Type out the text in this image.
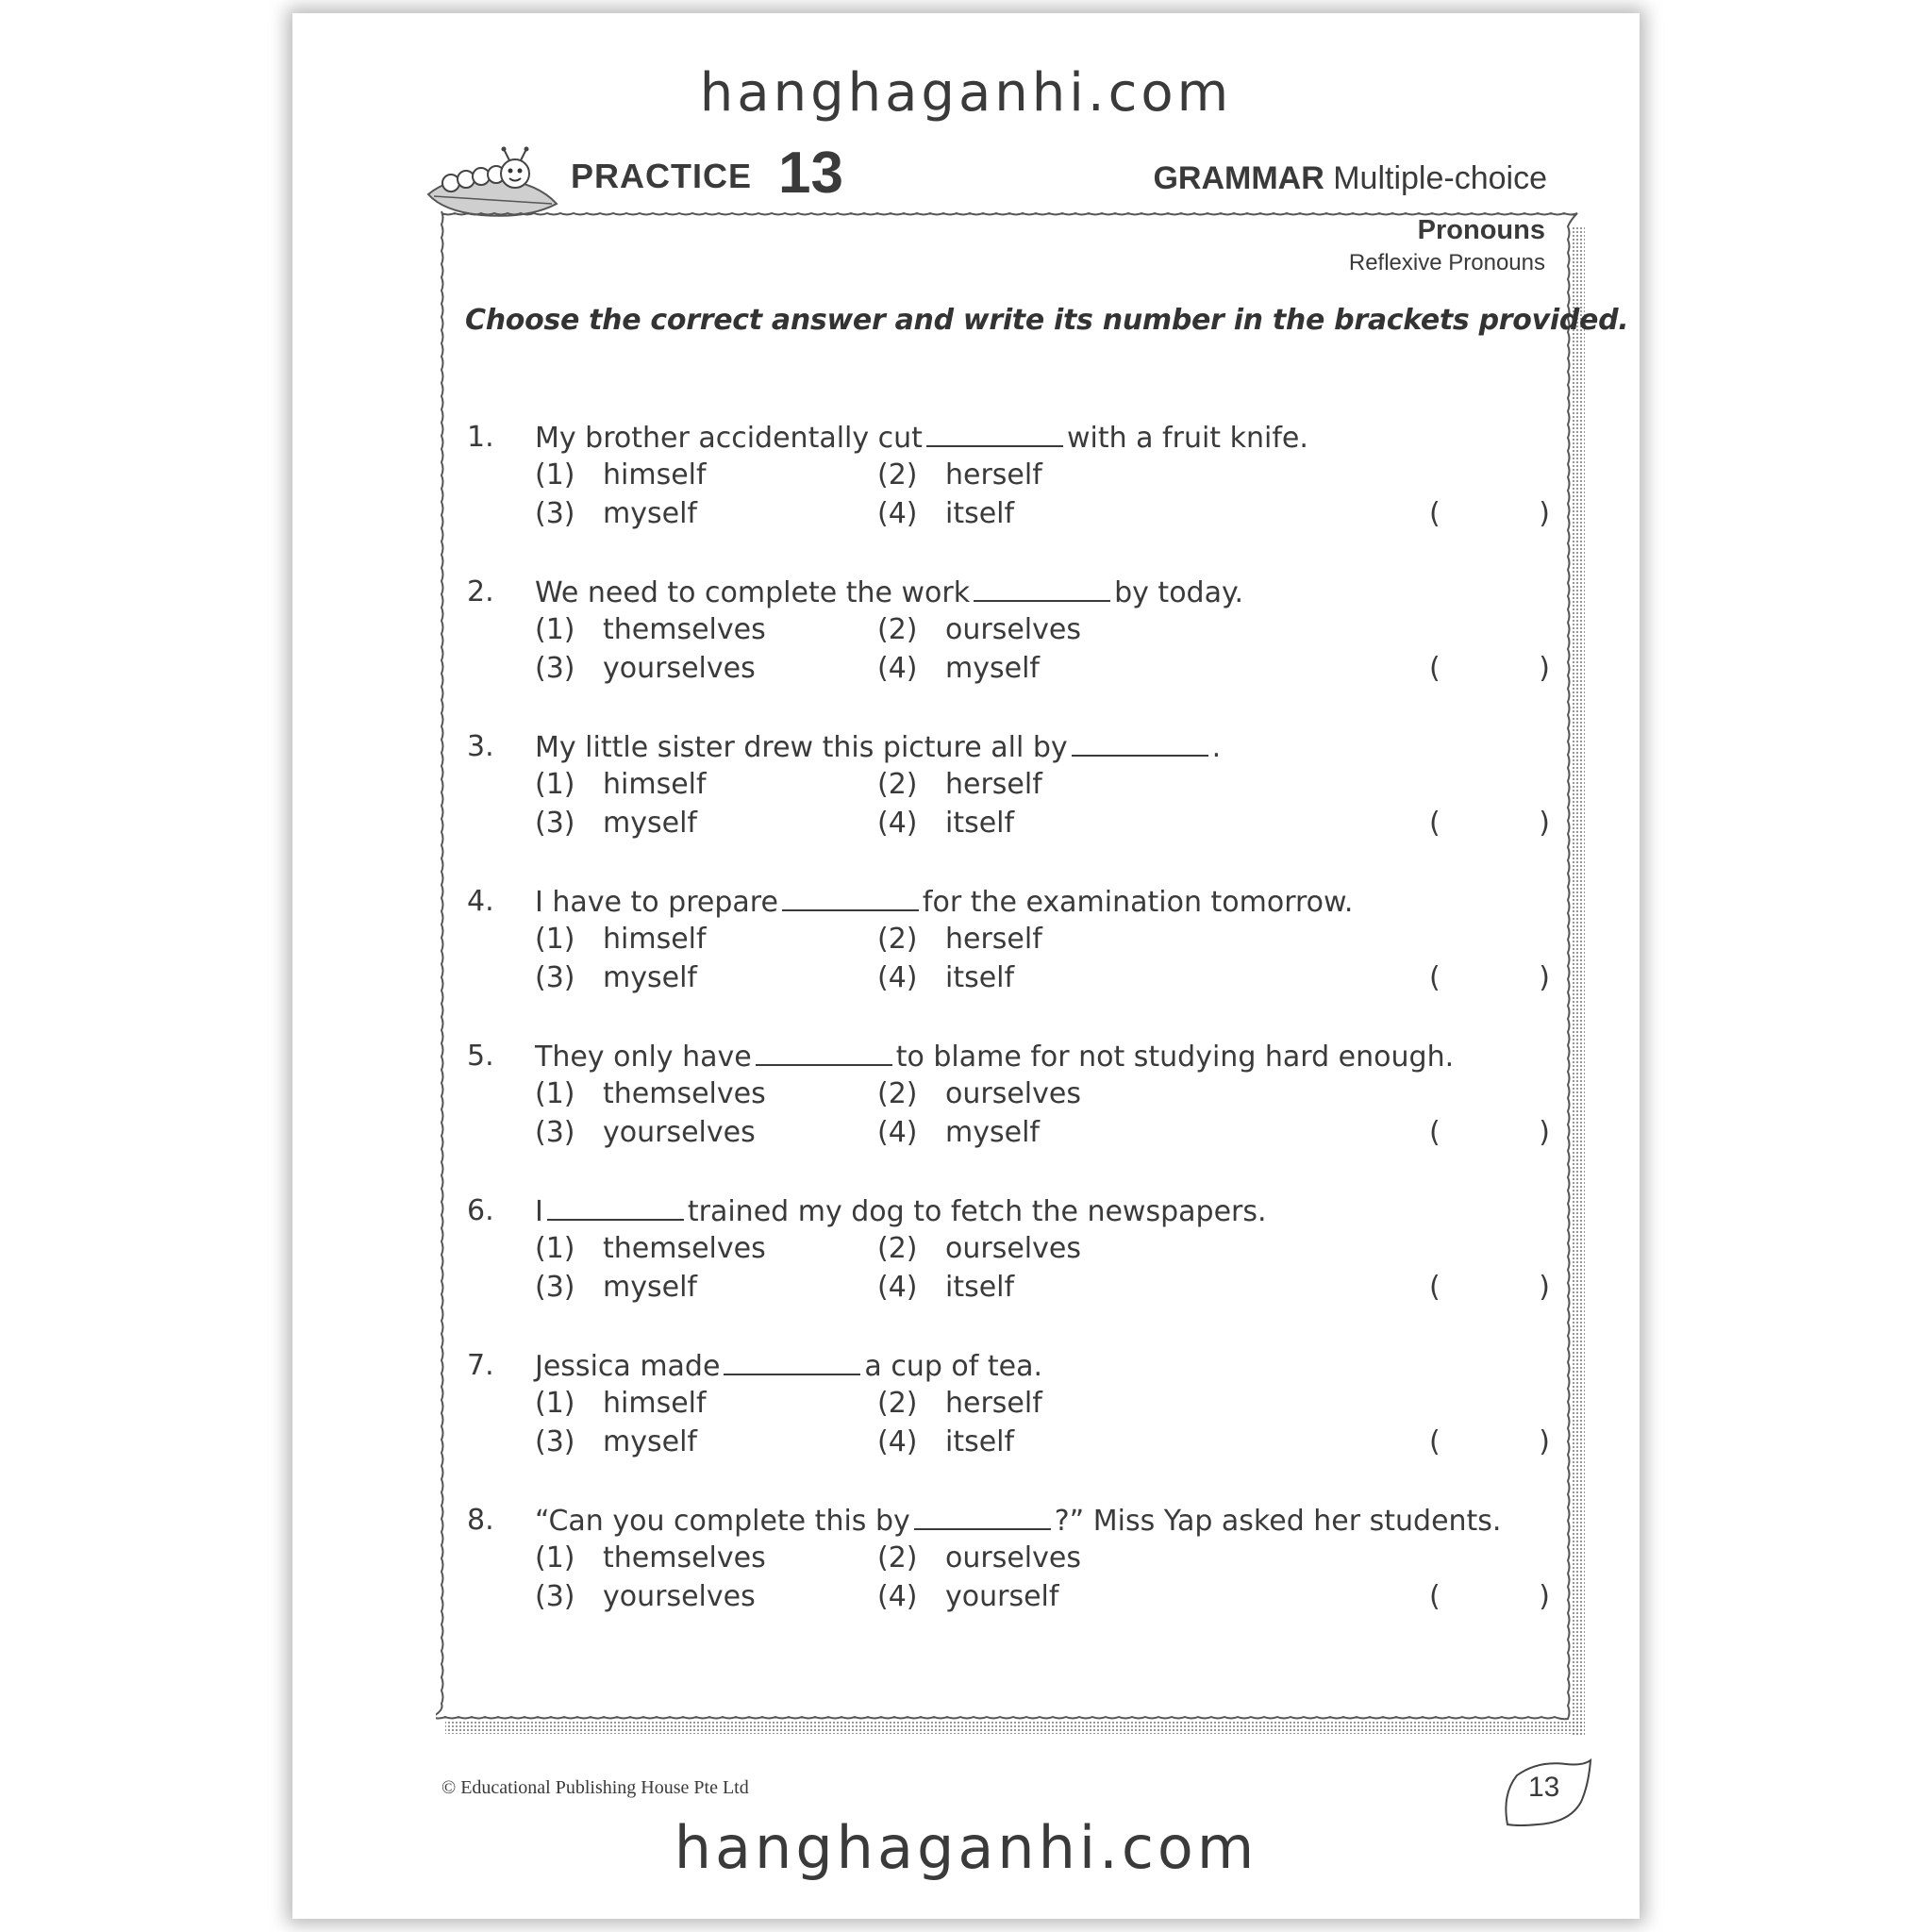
hanghaganhi.com
PRACTICE 13	GRAMMAR Multiple-choice
Pronouns
Reflexive Pronouns
Choose the correct answer and write its number in the brackets provided.
1. My brother accidentally cut	with a fruit knife.
(1) himself	(2) herself
(3) myself	(4) itself	(	)
2. We need to complete the work	by today.
(1) themselves	(2) ourselves
(3) yourselves	(4) myself	(	)
3. My little sister drew this picture all by	.
(1) himself	(2) herself
(3) myself	(4) itself	(	)
4. I have to prepare	for the examination tomorrow.
(1) himself	(2) herself
(3) myself	(4) itself	(	)
5. They only have	to blame for not studying hard enough.
(1) themselves	(2) ourselves
(3) yourselves	(4) myself	(	)
6. I	trained my dog to fetch the newspapers.
(1) themselves	(2) ourselves
(3) myself	(4) itself	(	)
7. Jessica made	a cup of tea.
(1) himself	(2) herself
(3) myself	(4) itself	(	)
8. “Can you complete this by	?” Miss Yap asked her students.
(1) themselves	(2) ourselves
(3) yourselves	(4) yourself	(	)
© Educational Publishing House Pte Ltd	13
hanghaganhi.com
